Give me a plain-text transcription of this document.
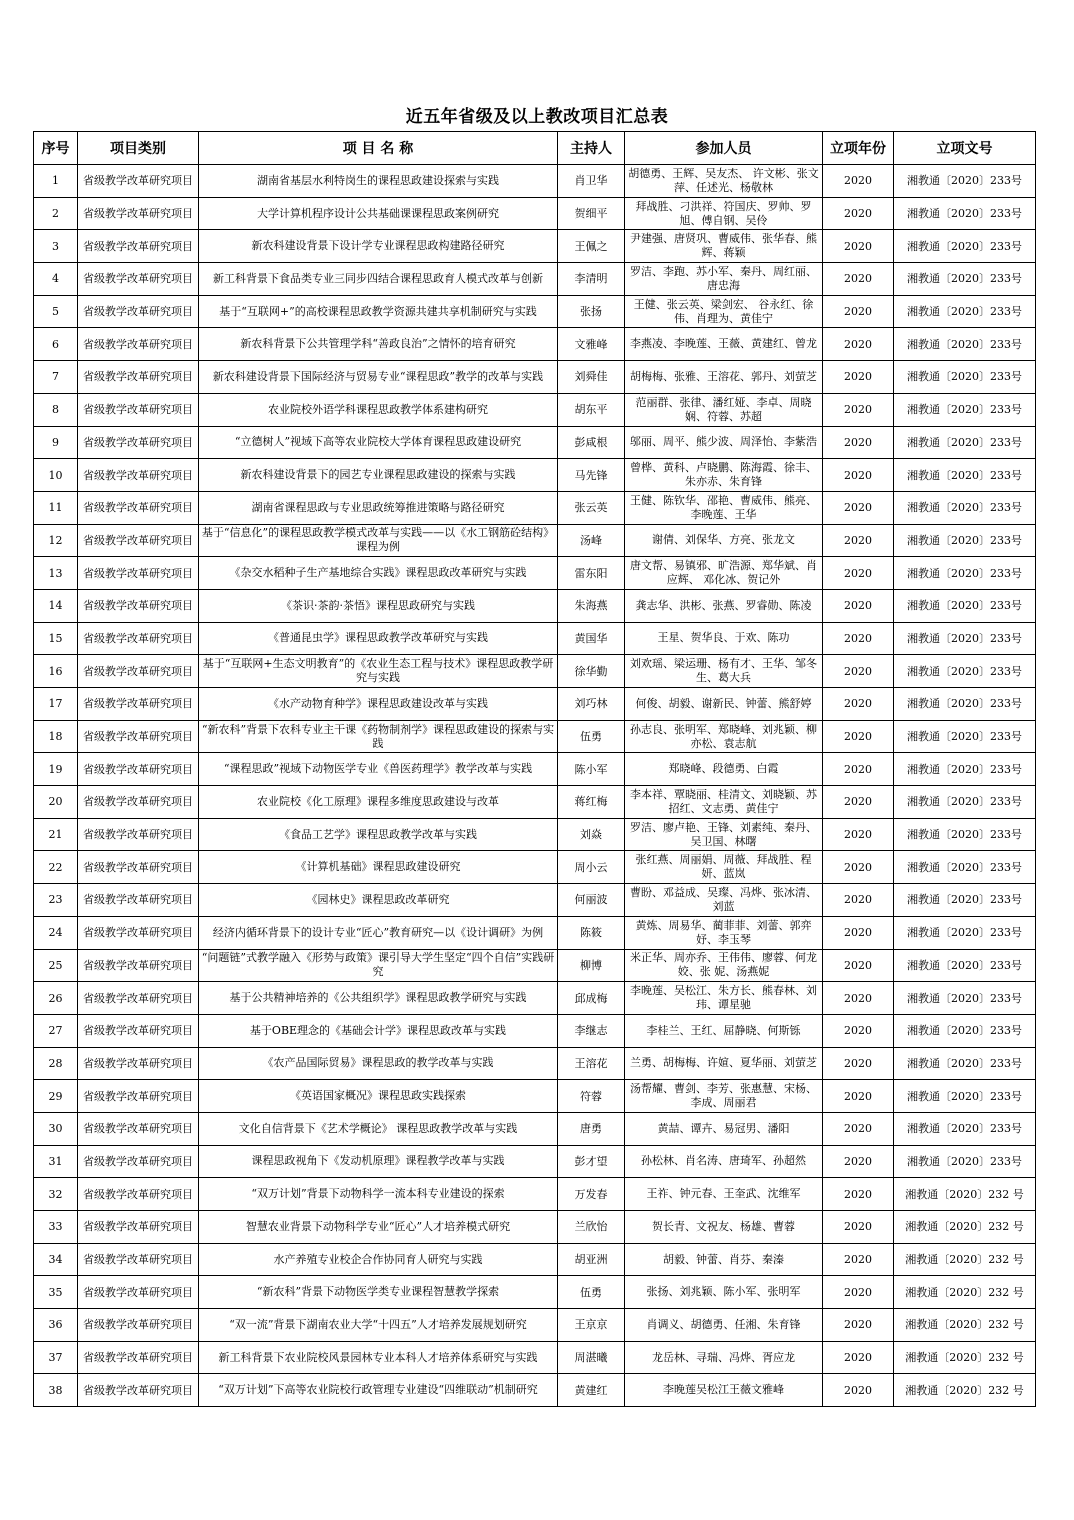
近五年省级及以上教改项目汇总表
序号	项目类别	项 目 名 称	主持人	参加人员	立项年份	立项文号
1	省级教学改革研究项目	湖南省基层水利特岗生的课程思政建设探索与实践	肖卫华	胡德勇、王辉、吴友杰、 许文彬、张文萍、任述光、杨敬林	2020	湘教通〔2020〕233号
2	省级教学改革研究项目	大学计算机程序设计公共基础课课程思政案例研究	贺细平	拜战胜、刁洪祥、符国庆、罗帅、罗旭、傅自钢、吴伶	2020	湘教通〔2020〕233号
3	省级教学改革研究项目	新农科建设背景下设计学专业课程思政构建路径研究	王佩之	尹建强、唐贤巩、曹威伟、张华春、熊辉、蒋颖	2020	湘教通〔2020〕233号
4	省级教学改革研究项目	新工科背景下食品类专业三同步四结合课程思政育人模式改革与创新	李清明	罗洁、李跑、苏小军、秦丹、周红丽、唐忠海	2020	湘教通〔2020〕233号
5	省级教学改革研究项目	基于“互联网+”的高校课程思政教学资源共建共享机制研究与实践	张扬	王健、张云英、梁剑宏、 谷永红、徐伟、肖理为、黄佳宁	2020	湘教通〔2020〕233号
6	省级教学改革研究项目	新农科背景下公共管理学科“善政良治”之情怀的培育研究	文雅峰	李燕凌、李晚莲、王薇、黄建红、曾龙	2020	湘教通〔2020〕233号
7	省级教学改革研究项目	新农科建设背景下国际经济与贸易专业“课程思政”教学的改革与实践	刘舜佳	胡梅梅、张雅、王溶花、郭丹、刘萤芝	2020	湘教通〔2020〕233号
8	省级教学改革研究项目	农业院校外语学科课程思政教学体系建构研究	胡东平	范丽群、张律、潘红娅、李卓、周晓娴、符蓉、苏超	2020	湘教通〔2020〕233号
9	省级教学改革研究项目	“立德树人”视域下高等农业院校大学体育课程思政建设研究	彭咸根	邬丽、周平、熊少波、周泽怡、李紫浩	2020	湘教通〔2020〕233号
10	省级教学改革研究项目	新农科建设背景下的园艺专业课程思政建设的探索与实践	马先锋	曾桦、黄科、卢晓鹏、陈海霞、徐丰、朱亦赤、朱育锋	2020	湘教通〔2020〕233号
11	省级教学改革研究项目	湖南省课程思政与专业思政统筹推进策略与路径研究	张云英	王健、陈钦华、邵艳、曹威伟、熊亮、李晚莲、王华	2020	湘教通〔2020〕233号
12	省级教学改革研究项目	基于“信息化”的课程思政教学模式改革与实践——以《水工钢筋砼结构》课程为例	汤峰	谢倩、刘保华、方亮、张龙文	2020	湘教通〔2020〕233号
13	省级教学改革研究项目	《杂交水稻种子生产基地综合实践》课程思政改革研究与实践	雷东阳	唐文帮、易镇邪、旷浩源、郑华斌、肖应辉、 邓化冰、贺记外	2020	湘教通〔2020〕233号
14	省级教学改革研究项目	《茶识·茶韵·茶悟》课程思政研究与实践	朱海燕	龚志华、洪彬、张燕、罗睿勋、陈凌	2020	湘教通〔2020〕233号
15	省级教学改革研究项目	《普通昆虫学》课程思政教学改革研究与实践	黄国华	王星、贺华良、于欢、陈功	2020	湘教通〔2020〕233号
16	省级教学改革研究项目	基于“互联网+生态文明教育”的《农业生态工程与技术》课程思政教学研究与实践	徐华勤	刘欢瑶、梁运珊、杨有才、王华、邹冬生、葛大兵	2020	湘教通〔2020〕233号
17	省级教学改革研究项目	《水产动物育种学》课程思政建设改革与实践	刘巧林	何俊、胡毅、谢新民、钟蕾、熊舒婷	2020	湘教通〔2020〕233号
18	省级教学改革研究项目	“新农科”背景下农科专业主干课《药物制剂学》课程思政建设的探索与实践	伍勇	孙志良、张明军、郑晓峰、刘兆颖、柳亦松、袁志航	2020	湘教通〔2020〕233号
19	省级教学改革研究项目	“课程思政”视域下动物医学专业《兽医药理学》教学改革与实践	陈小军	郑晓峰、段德勇、白霞	2020	湘教通〔2020〕233号
20	省级教学改革研究项目	农业院校《化工原理》课程多维度思政建设与改革	蒋红梅	李本祥、覃晓丽、桂清文、刘晓颖、苏招红、文志勇、黄佳宁	2020	湘教通〔2020〕233号
21	省级教学改革研究项目	《食品工艺学》课程思政教学改革与实践	刘焱	罗洁、廖卢艳、王锋、刘素纯、秦丹、吴卫国、林曙	2020	湘教通〔2020〕233号
22	省级教学改革研究项目	《计算机基础》课程思政建设研究	周小云	张红燕、周丽娟、周薇、拜战胜、程妍、蓝岚	2020	湘教通〔2020〕233号
23	省级教学改革研究项目	《园林史》课程思政改革研究	何丽波	曹盼、邓益成、吴璨、冯烨、张冰清、刘蓝	2020	湘教通〔2020〕233号
24	省级教学改革研究项目	经济内循环背景下的设计专业“匠心”教育研究—以《设计调研》为例	陈筱	黄炼、周易华、蔺菲菲、刘蕾、郭弈妤、李玉琴	2020	湘教通〔2020〕233号
25	省级教学改革研究项目	“问题链”式教学融入《形势与政策》课引导大学生坚定“四个自信”实践研究	柳博	米正华、周亦乔、王伟伟、廖蓉、何龙姣、张 妮、汤燕妮	2020	湘教通〔2020〕233号
26	省级教学改革研究项目	基于公共精神培养的《公共组织学》课程思政教学研究与实践	邱成梅	李晚莲、吴松江、朱方长、熊春林、刘玮、谭星驰	2020	湘教通〔2020〕233号
27	省级教学改革研究项目	基于OBE理念的《基础会计学》课程思政改革与实践	李继志	李桂兰、王红、屈静晓、何斯铄	2020	湘教通〔2020〕233号
28	省级教学改革研究项目	《农产品国际贸易》课程思政的教学改革与实践	王溶花	兰勇、胡梅梅、许媗、夏华丽、刘萤芝	2020	湘教通〔2020〕233号
29	省级教学改革研究项目	《英语国家概况》课程思政实践探索	符蓉	汤帮耀、曹剑、李芳、张惠慧、宋杨、李成、周丽君	2020	湘教通〔2020〕233号
30	省级教学改革研究项目	文化自信背景下《艺术学概论》 课程思政教学改革与实践	唐勇	黄喆、谭卉、易冠男、潘阳	2020	湘教通〔2020〕233号
31	省级教学改革研究项目	课程思政视角下《发动机原理》课程教学改革与实践	彭才望	孙松林、肖名涛、唐琦军、孙超然	2020	湘教通〔2020〕233号
32	省级教学改革研究项目	“双万计划”背景下动物科学一流本科专业建设的探索	万发春	王祚、钟元春、王奎武、沈维军	2020	湘教通〔2020〕232 号
33	省级教学改革研究项目	智慧农业背景下动物科学专业“匠心”人才培养模式研究	兰欣怡	贺长青、文祝友、杨雄、曹蓉	2020	湘教通〔2020〕232 号
34	省级教学改革研究项目	水产养殖专业校企合作协同育人研究与实践	胡亚洲	胡毅、钟蕾、肖芬、秦溱	2020	湘教通〔2020〕232 号
35	省级教学改革研究项目	“新农科”背景下动物医学类专业课程智慧教学探索	伍勇	张扬、刘兆颖、陈小军、张明军	2020	湘教通〔2020〕232 号
36	省级教学改革研究项目	“双一流”背景下湖南农业大学“十四五”人才培养发展规划研究	王京京	肖调义、胡德勇、任湘、朱育锋	2020	湘教通〔2020〕232 号
37	省级教学改革研究项目	新工科背景下农业院校风景园林专业本科人才培养体系研究与实践	周湛曦	龙岳林、寻瑞、冯烨、胥应龙	2020	湘教通〔2020〕232 号
38	省级教学改革研究项目	“双万计划”下高等农业院校行政管理专业建设“四维联动”机制研究	黄建红	李晚莲吴松江王薇文雅峰	2020	湘教通〔2020〕232 号
